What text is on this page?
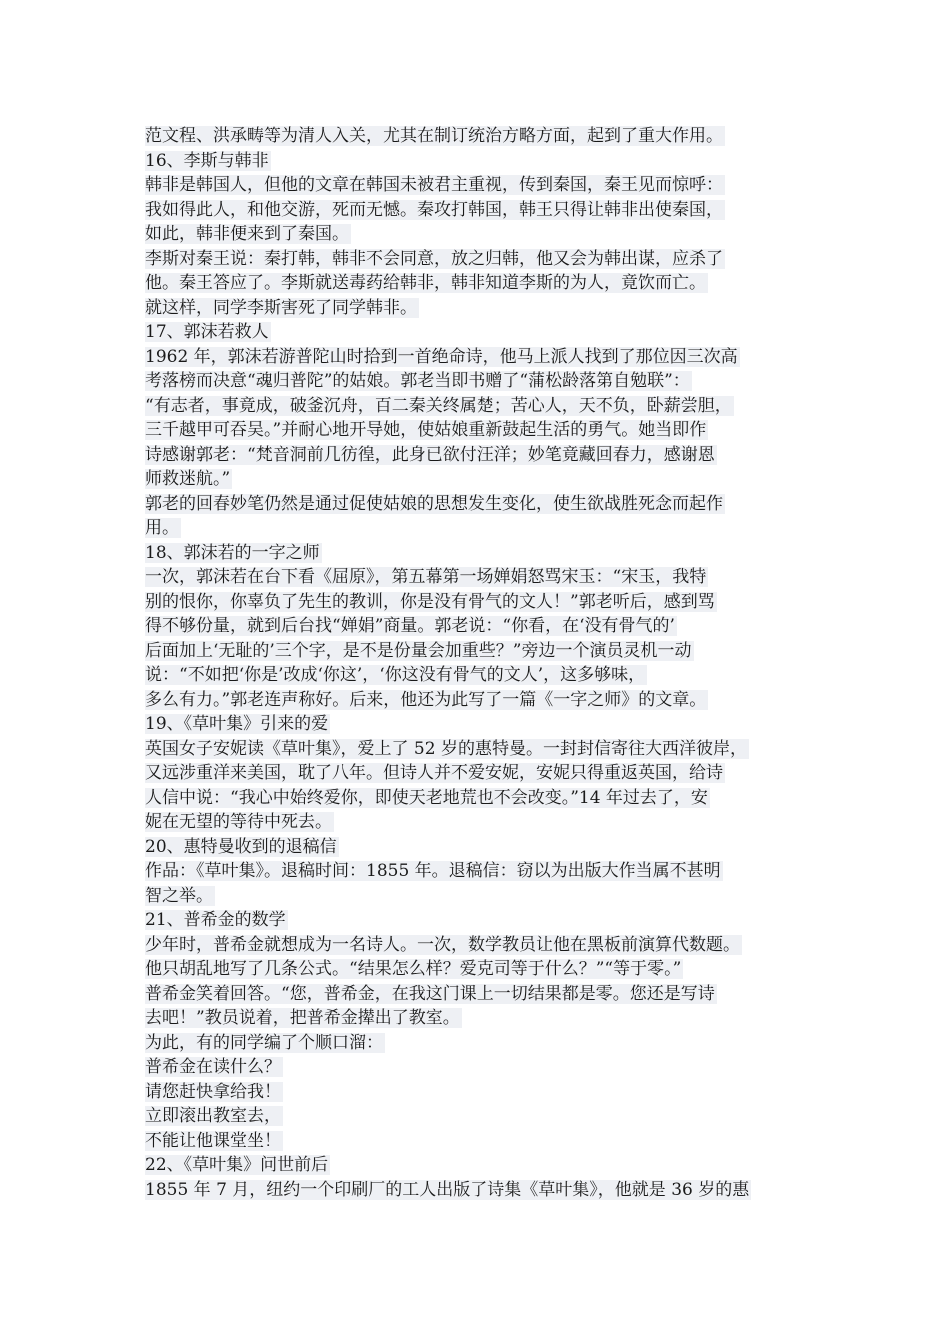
范文程、洪承畴等为清人入关，尤其在制订统治方略方面，起到了重大作用。
16、李斯与韩非
韩非是韩国人，但他的文章在韩国未被君主重视，传到秦国，秦王见而惊呼：
我如得此人，和他交游，死而无憾。秦攻打韩国，韩王只得让韩非出使秦国，
如此，韩非便来到了秦国。
李斯对秦王说：秦打韩，韩非不会同意，放之归韩，他又会为韩出谋，应杀了
他。秦王答应了。李斯就送毒药给韩非，韩非知道李斯的为人，竟饮而亡。
就这样，同学李斯害死了同学韩非。
17、郭沫若救人
1962 年，郭沫若游普陀山时拾到一首绝命诗，他马上派人找到了那位因三次高
考落榜而决意“魂归普陀”的姑娘。郭老当即书赠了“蒲松龄落第自勉联”：
“有志者，事竟成，破釜沉舟，百二秦关终属楚；苦心人，天不负，卧薪尝胆，
三千越甲可吞吴。”并耐心地开导她，使姑娘重新鼓起生活的勇气。她当即作
诗感谢郭老：“梵音洞前几彷徨，此身已欲付汪洋；妙笔竟藏回春力，感谢恩
师救迷航。”
郭老的回春妙笔仍然是通过促使姑娘的思想发生变化，使生欲战胜死念而起作
用。
18、郭沫若的一字之师
一次，郭沫若在台下看《屈原》，第五幕第一场婵娟怒骂宋玉：“宋玉，我特
别的恨你，你辜负了先生的教训，你是没有骨气的文人！”郭老听后，感到骂
得不够份量，就到后台找“婵娟”商量。郭老说：“你看，在‘没有骨气的’
后面加上‘无耻的’三个字，是不是份量会加重些？”旁边一个演员灵机一动
说：“不如把‘你是’改成‘你这’，‘你这没有骨气的文人’，这多够味，
多么有力。”郭老连声称好。后来，他还为此写了一篇《一字之师》的文章。
19、《草叶集》引来的爱
英国女子安妮读《草叶集》，爱上了 52 岁的惠特曼。一封封信寄往大西洋彼岸，
又远涉重洋来美国，耽了八年。但诗人并不爱安妮，安妮只得重返英国，给诗
人信中说：“我心中始终爱你，即使天老地荒也不会改变。”14 年过去了，安
妮在无望的等待中死去。
20、惠特曼收到的退稿信
作品：《草叶集》。退稿时间：1855 年。退稿信：窃以为出版大作当属不甚明
智之举。
21、普希金的数学
少年时，普希金就想成为一名诗人。一次，数学教员让他在黑板前演算代数题。
他只胡乱地写了几条公式。“结果怎么样？爱克司等于什么？”“等于零。”
普希金笑着回答。“您，普希金，在我这门课上一切结果都是零。您还是写诗
去吧！”教员说着，把普希金撵出了教室。
为此，有的同学编了个顺口溜：
普希金在读什么？
请您赶快拿给我！
立即滚出教室去，
不能让他课堂坐！
22、《草叶集》问世前后
1855 年 7 月，纽约一个印刷厂的工人出版了诗集《草叶集》，他就是 36 岁的惠
